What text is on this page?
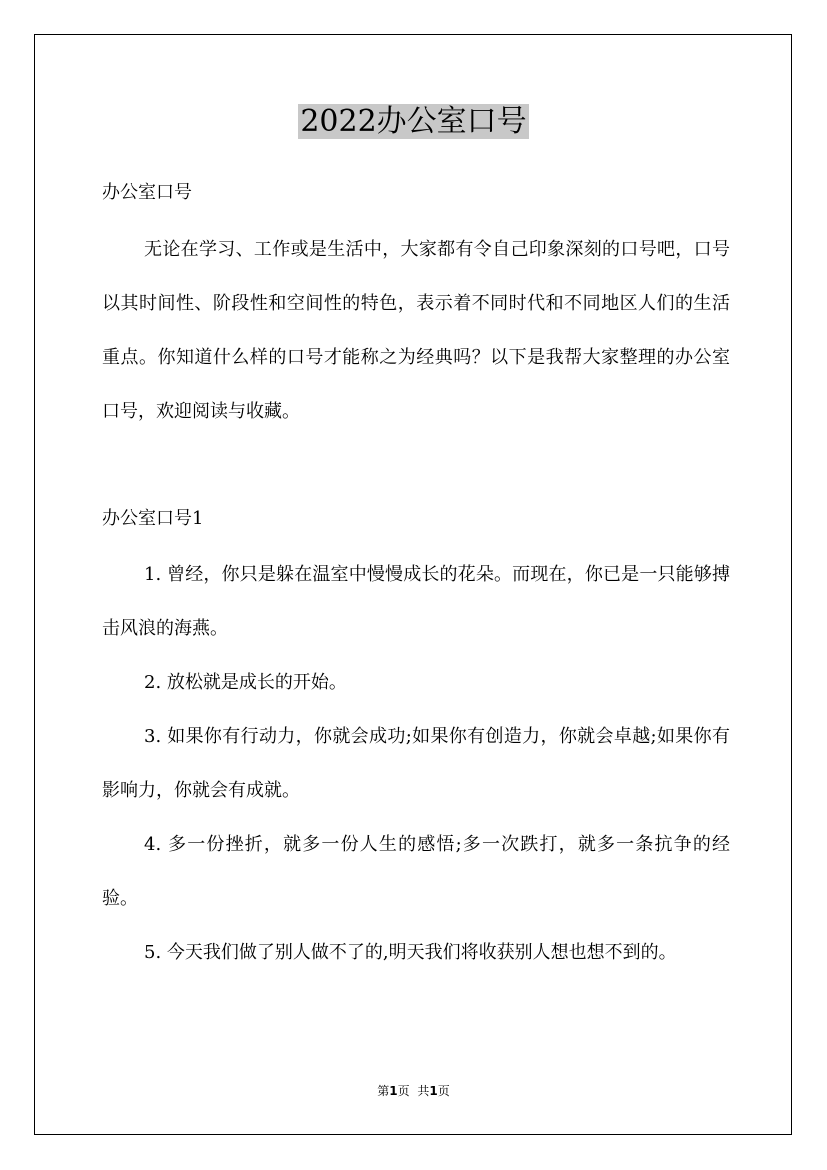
2022办公室口号
办公室口号

无论在学习、工作或是生活中，大家都有令自己印象深刻的口号吧，口号以其时间性、阶段性和空间性的特色，表示着不同时代和不同地区人们的生活重点。你知道什么样的口号才能称之为经典吗？以下是我帮大家整理的办公室口号，欢迎阅读与收藏。

办公室口号1

1. 曾经，你只是躲在温室中慢慢成长的花朵。而现在，你已是一只能够搏击风浪的海燕。

2. 放松就是成长的开始。

3. 如果你有行动力，你就会成功;如果你有创造力，你就会卓越;如果你有影响力，你就会有成就。

4. 多一份挫折，就多一份人生的感悟;多一次跌打，就多一条抗争的经验。

5. 今天我们做了别人做不了的,明天我们将收获别人想也想不到的。

第1页 共1页
